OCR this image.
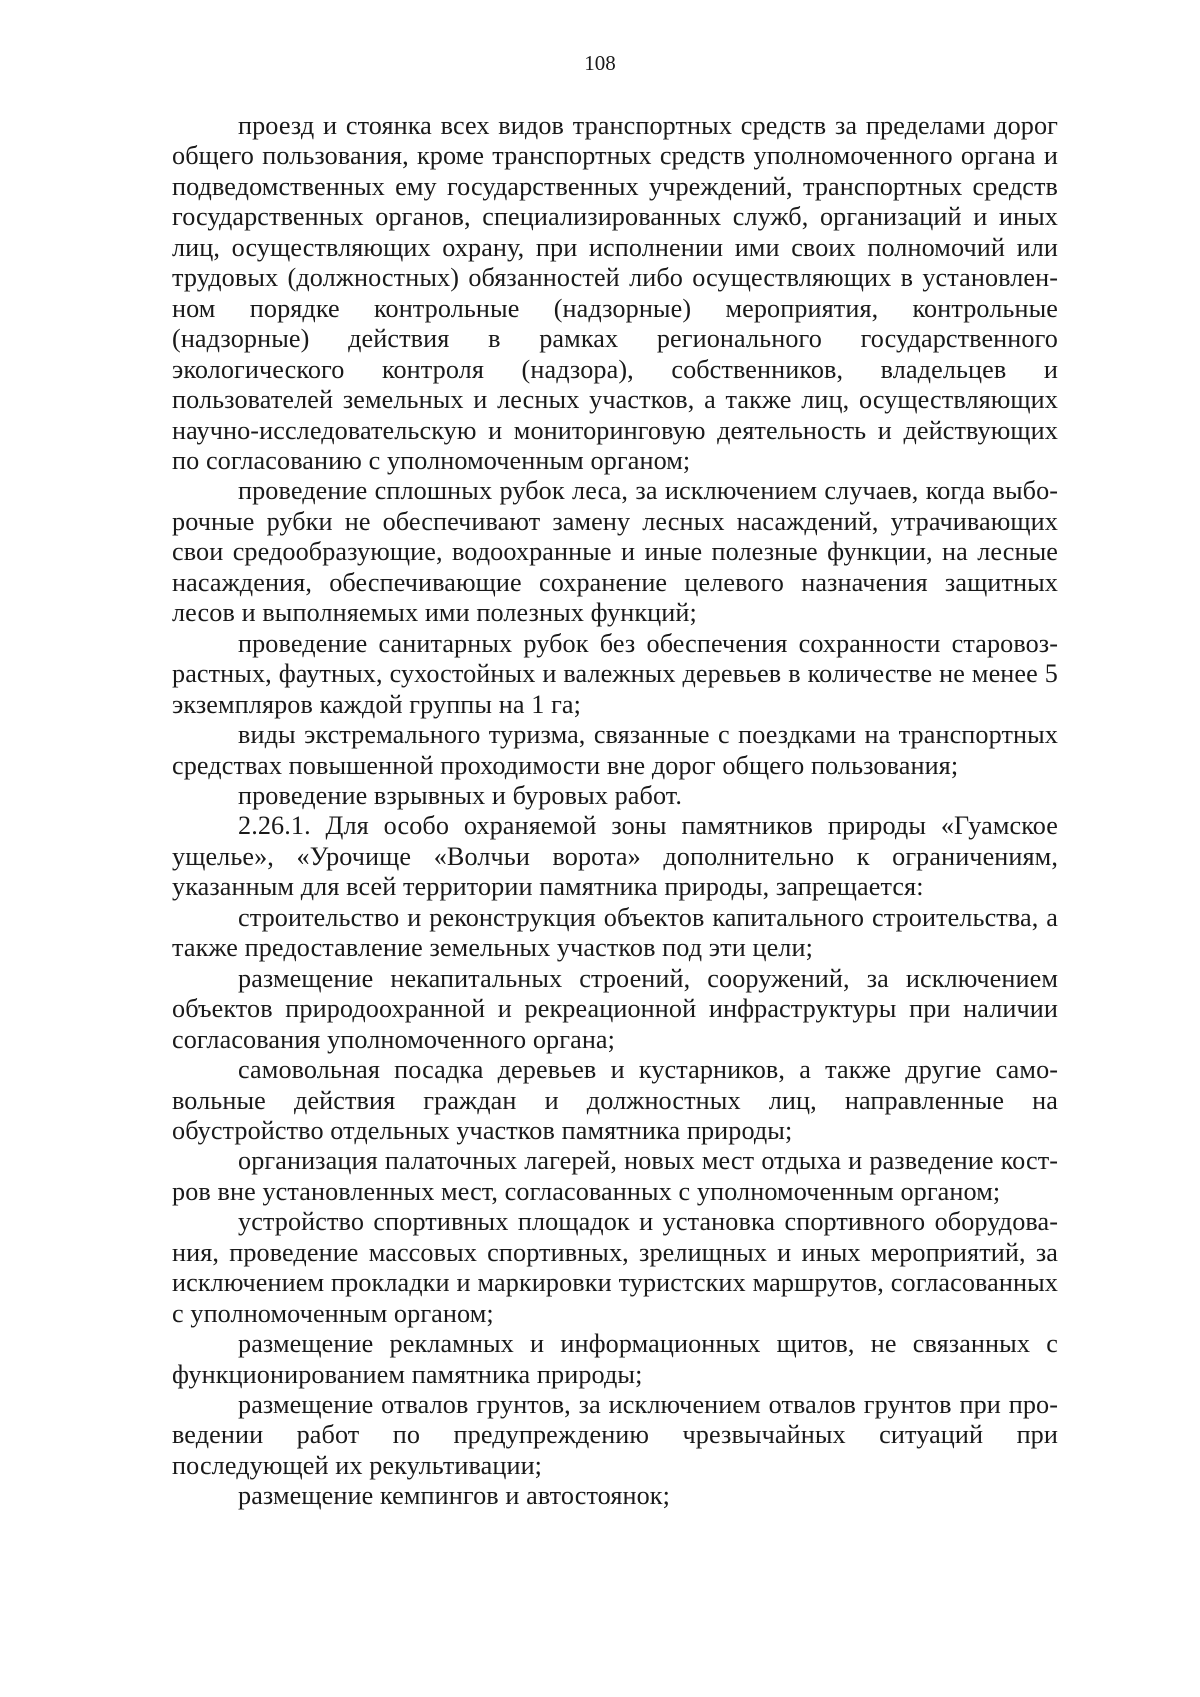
108

проезд и стоянка всех видов транспортных средств за пределами дорог общего пользования, кроме транспортных средств уполномоченного органа и подведомственных ему государственных учреждений, транспортных средств государственных органов, специализированных служб, организаций и иных лиц, осуществляющих охрану, при исполнении ими своих полномочий или трудовых (должностных) обязанностей либо осуществляющих в установленном порядке контрольные (надзорные) мероприятия, контрольные (надзорные) действия в рамках регионального государственного экологического контроля (надзора), собственников, владельцев и пользователей земельных и лесных участков, а также лиц, осуществляющих научно-исследовательскую и мониторинговую деятельность и действующих по согласованию с уполномоченным органом;

проведение сплошных рубок леса, за исключением случаев, когда выборочные рубки не обеспечивают замену лесных насаждений, утрачивающих свои средообразующие, водоохранные и иные полезные функции, на лесные насаждения, обеспечивающие сохранение целевого назначения защитных лесов и выполняемых ими полезных функций;

проведение санитарных рубок без обеспечения сохранности старовозрастных, фаутных, сухостойных и валежных деревьев в количестве не менее 5 экземпляров каждой группы на 1 га;

виды экстремального туризма, связанные с поездками на транспортных средствах повышенной проходимости вне дорог общего пользования;

проведение взрывных и буровых работ.

2.26.1. Для особо охраняемой зоны памятников природы «Гуамское ущелье», «Урочище «Волчьи ворота» дополнительно к ограничениям, указанным для всей территории памятника природы, запрещается:

строительство и реконструкция объектов капитального строительства, а также предоставление земельных участков под эти цели;

размещение некапитальных строений, сооружений, за исключением объектов природоохранной и рекреационной инфраструктуры при наличии согласования уполномоченного органа;

самовольная посадка деревьев и кустарников, а также другие самовольные действия граждан и должностных лиц, направленные на обустройство отдельных участков памятника природы;

организация палаточных лагерей, новых мест отдыха и разведение костров вне установленных мест, согласованных с уполномоченным органом;

устройство спортивных площадок и установка спортивного оборудования, проведение массовых спортивных, зрелищных и иных мероприятий, за исключением прокладки и маркировки туристских маршрутов, согласованных с уполномоченным органом;

размещение рекламных и информационных щитов, не связанных с функционированием памятника природы;

размещение отвалов грунтов, за исключением отвалов грунтов при проведении работ по предупреждению чрезвычайных ситуаций при последующей их рекультивации;

размещение кемпингов и автостоянок;
